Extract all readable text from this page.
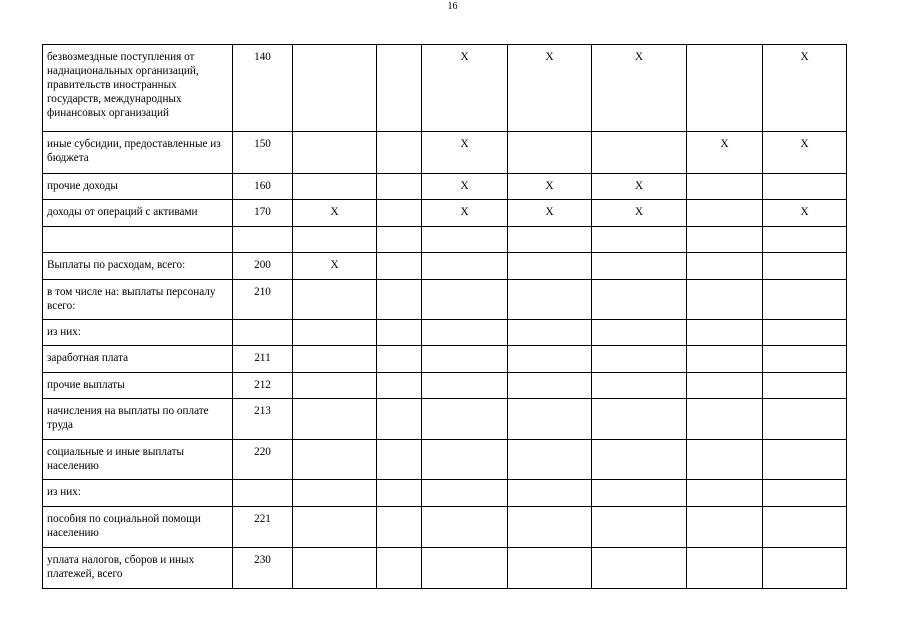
16
безвозмездные поступления от наднациональных организаций, правительств иностранных государств, международных финансовых организаций	140			X	X	X		X
иные субсидии, предоставленные из бюджета	150			X			X	X
прочие доходы	160			X	X	X		
доходы от операций с активами	170	X		X	X	X		X

Выплаты по расходам, всего:	200	X						
в том числе на: выплаты персоналу всего:	210							
из них:								
заработная плата	211							
прочие выплаты	212							
начисления на выплаты по оплате труда	213							
социальные и иные выплаты населению	220							
из них:								
пособия по социальной помощи населению	221							
уплата налогов, сборов и иных платежей, всего	230							
